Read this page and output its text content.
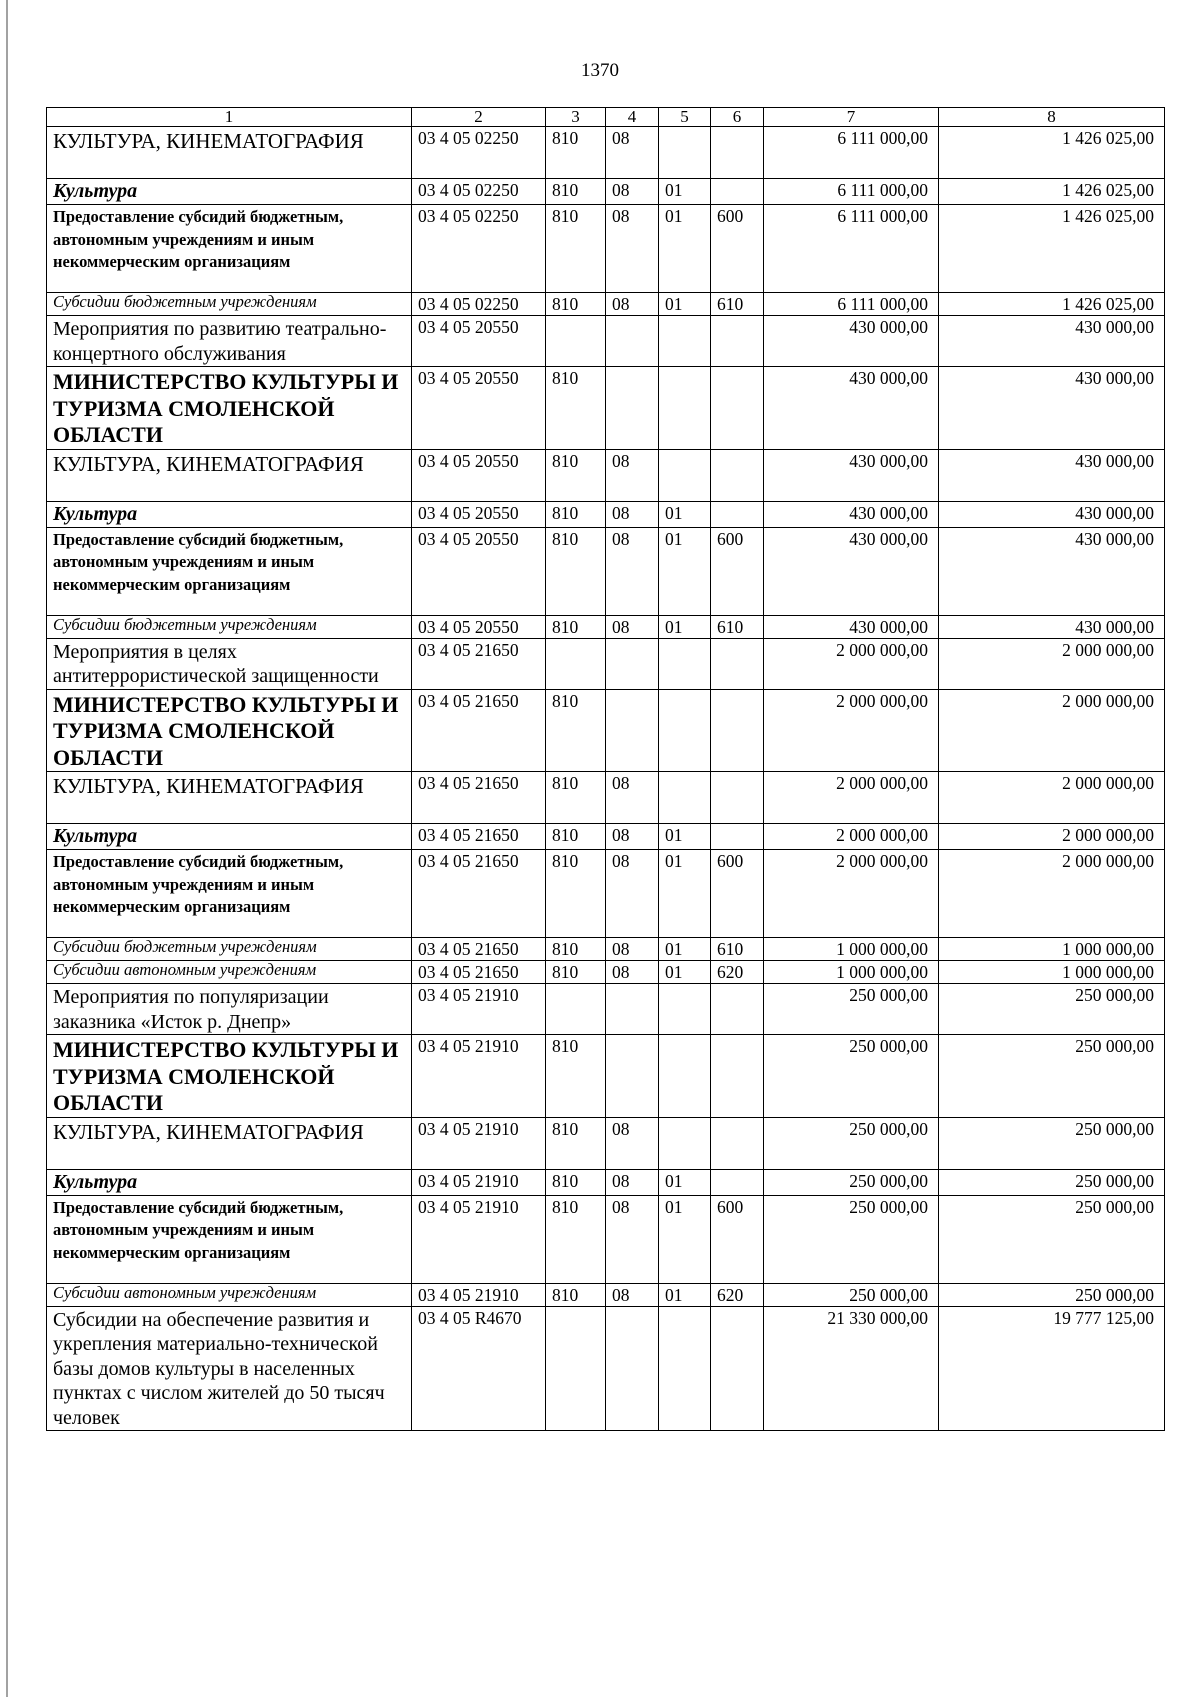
1370
1	2	3	4	5	6	7	8
КУЛЬТУРА, КИНЕМАТОГРАФИЯ	03 4 05 02250	810	08			6 111 000,00	1 426 025,00
Культура	03 4 05 02250	810	08	01		6 111 000,00	1 426 025,00
Предоставление субсидий бюджетным, автономным учреждениям и иным некоммерческим организациям	03 4 05 02250	810	08	01	600	6 111 000,00	1 426 025,00
Субсидии бюджетным учреждениям	03 4 05 02250	810	08	01	610	6 111 000,00	1 426 025,00
Мероприятия по развитию театрально-концертного обслуживания	03 4 05 20550					430 000,00	430 000,00
МИНИСТЕРСТВО КУЛЬТУРЫ И ТУРИЗМА СМОЛЕНСКОЙ ОБЛАСТИ	03 4 05 20550	810				430 000,00	430 000,00
КУЛЬТУРА, КИНЕМАТОГРАФИЯ	03 4 05 20550	810	08			430 000,00	430 000,00
Культура	03 4 05 20550	810	08	01		430 000,00	430 000,00
Предоставление субсидий бюджетным, автономным учреждениям и иным некоммерческим организациям	03 4 05 20550	810	08	01	600	430 000,00	430 000,00
Субсидии бюджетным учреждениям	03 4 05 20550	810	08	01	610	430 000,00	430 000,00
Мероприятия в целях антитеррористической защищенности	03 4 05 21650					2 000 000,00	2 000 000,00
МИНИСТЕРСТВО КУЛЬТУРЫ И ТУРИЗМА СМОЛЕНСКОЙ ОБЛАСТИ	03 4 05 21650	810				2 000 000,00	2 000 000,00
КУЛЬТУРА, КИНЕМАТОГРАФИЯ	03 4 05 21650	810	08			2 000 000,00	2 000 000,00
Культура	03 4 05 21650	810	08	01		2 000 000,00	2 000 000,00
Предоставление субсидий бюджетным, автономным учреждениям и иным некоммерческим организациям	03 4 05 21650	810	08	01	600	2 000 000,00	2 000 000,00
Субсидии бюджетным учреждениям	03 4 05 21650	810	08	01	610	1 000 000,00	1 000 000,00
Субсидии автономным учреждениям	03 4 05 21650	810	08	01	620	1 000 000,00	1 000 000,00
Мероприятия по популяризации заказника «Исток р. Днепр»	03 4 05 21910					250 000,00	250 000,00
МИНИСТЕРСТВО КУЛЬТУРЫ И ТУРИЗМА СМОЛЕНСКОЙ ОБЛАСТИ	03 4 05 21910	810				250 000,00	250 000,00
КУЛЬТУРА, КИНЕМАТОГРАФИЯ	03 4 05 21910	810	08			250 000,00	250 000,00
Культура	03 4 05 21910	810	08	01		250 000,00	250 000,00
Предоставление субсидий бюджетным, автономным учреждениям и иным некоммерческим организациям	03 4 05 21910	810	08	01	600	250 000,00	250 000,00
Субсидии автономным учреждениям	03 4 05 21910	810	08	01	620	250 000,00	250 000,00
Субсидии на обеспечение развития и укрепления материально-технической базы домов культуры в населенных пунктах с числом жителей до 50 тысяч человек	03 4 05 R4670					21 330 000,00	19 777 125,00
